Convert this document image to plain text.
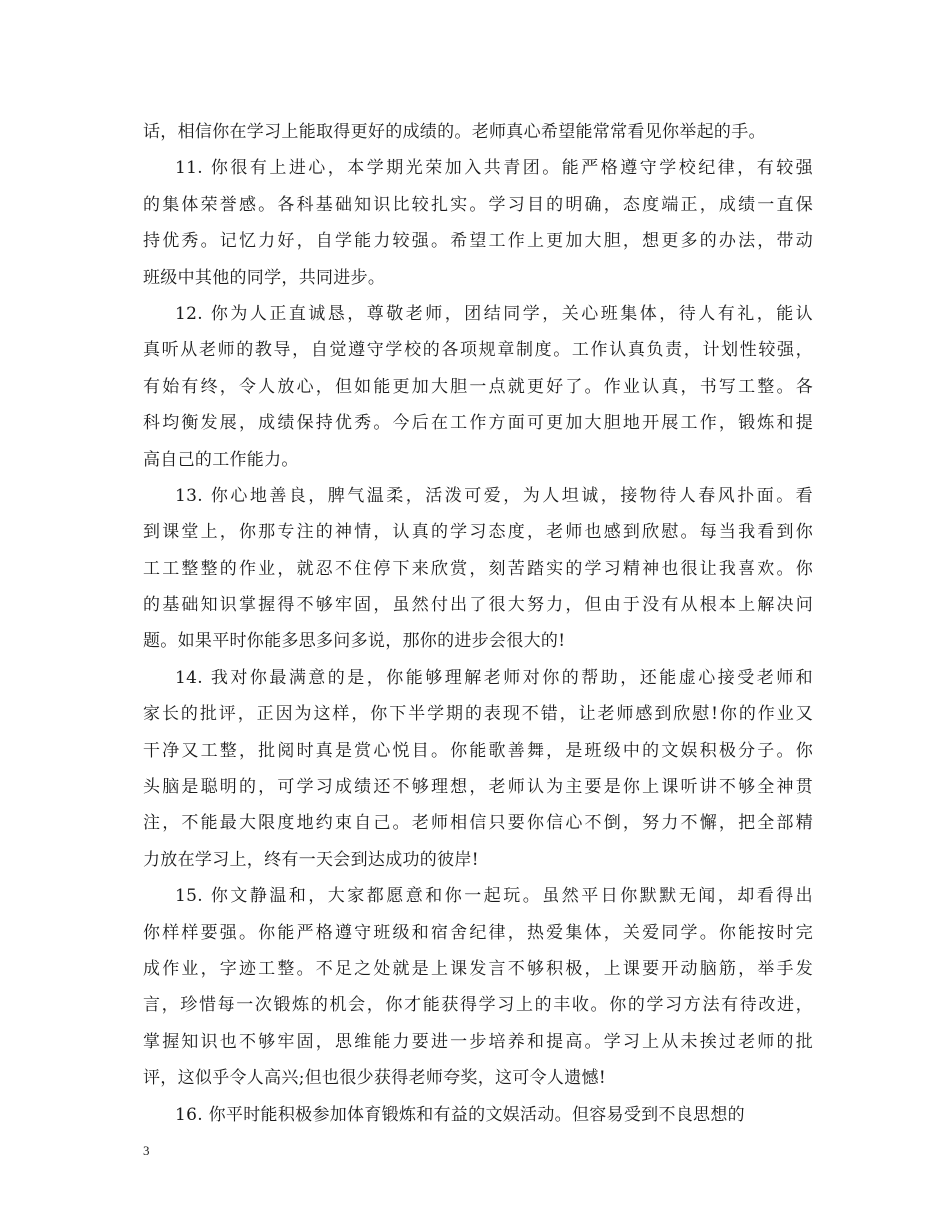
话，相信你在学习上能取得更好的成绩的。老师真心希望能常常看见你举起的手。
11. 你很有上进心，本学期光荣加入共青团。能严格遵守学校纪律，有较强
的集体荣誉感。各科基础知识比较扎实。学习目的明确，态度端正，成绩一直保
持优秀。记忆力好，自学能力较强。希望工作上更加大胆，想更多的办法，带动
班级中其他的同学，共同进步。
12. 你为人正直诚恳，尊敬老师，团结同学，关心班集体，待人有礼，能认
真听从老师的教导，自觉遵守学校的各项规章制度。工作认真负责，计划性较强，
有始有终，令人放心，但如能更加大胆一点就更好了。作业认真，书写工整。各
科均衡发展，成绩保持优秀。今后在工作方面可更加大胆地开展工作，锻炼和提
高自己的工作能力。
13. 你心地善良，脾气温柔，活泼可爱，为人坦诚，接物待人春风扑面。看
到课堂上，你那专注的神情，认真的学习态度，老师也感到欣慰。每当我看到你
工工整整的作业，就忍不住停下来欣赏，刻苦踏实的学习精神也很让我喜欢。你
的基础知识掌握得不够牢固，虽然付出了很大努力，但由于没有从根本上解决问
题。如果平时你能多思多问多说，那你的进步会很大的!
14. 我对你最满意的是，你能够理解老师对你的帮助，还能虚心接受老师和
家长的批评，正因为这样，你下半学期的表现不错，让老师感到欣慰!你的作业又
干净又工整，批阅时真是赏心悦目。你能歌善舞，是班级中的文娱积极分子。你
头脑是聪明的，可学习成绩还不够理想，老师认为主要是你上课听讲不够全神贯
注，不能最大限度地约束自己。老师相信只要你信心不倒，努力不懈，把全部精
力放在学习上，终有一天会到达成功的彼岸!
15. 你文静温和，大家都愿意和你一起玩。虽然平日你默默无闻，却看得出
你样样要强。你能严格遵守班级和宿舍纪律，热爱集体，关爱同学。你能按时完
成作业，字迹工整。不足之处就是上课发言不够积极，上课要开动脑筋，举手发
言，珍惜每一次锻炼的机会，你才能获得学习上的丰收。你的学习方法有待改进，
掌握知识也不够牢固，思维能力要进一步培养和提高。学习上从未挨过老师的批
评，这似乎令人高兴;但也很少获得老师夸奖，这可令人遗憾!
16. 你平时能积极参加体育锻炼和有益的文娱活动。但容易受到不良思想的
3
